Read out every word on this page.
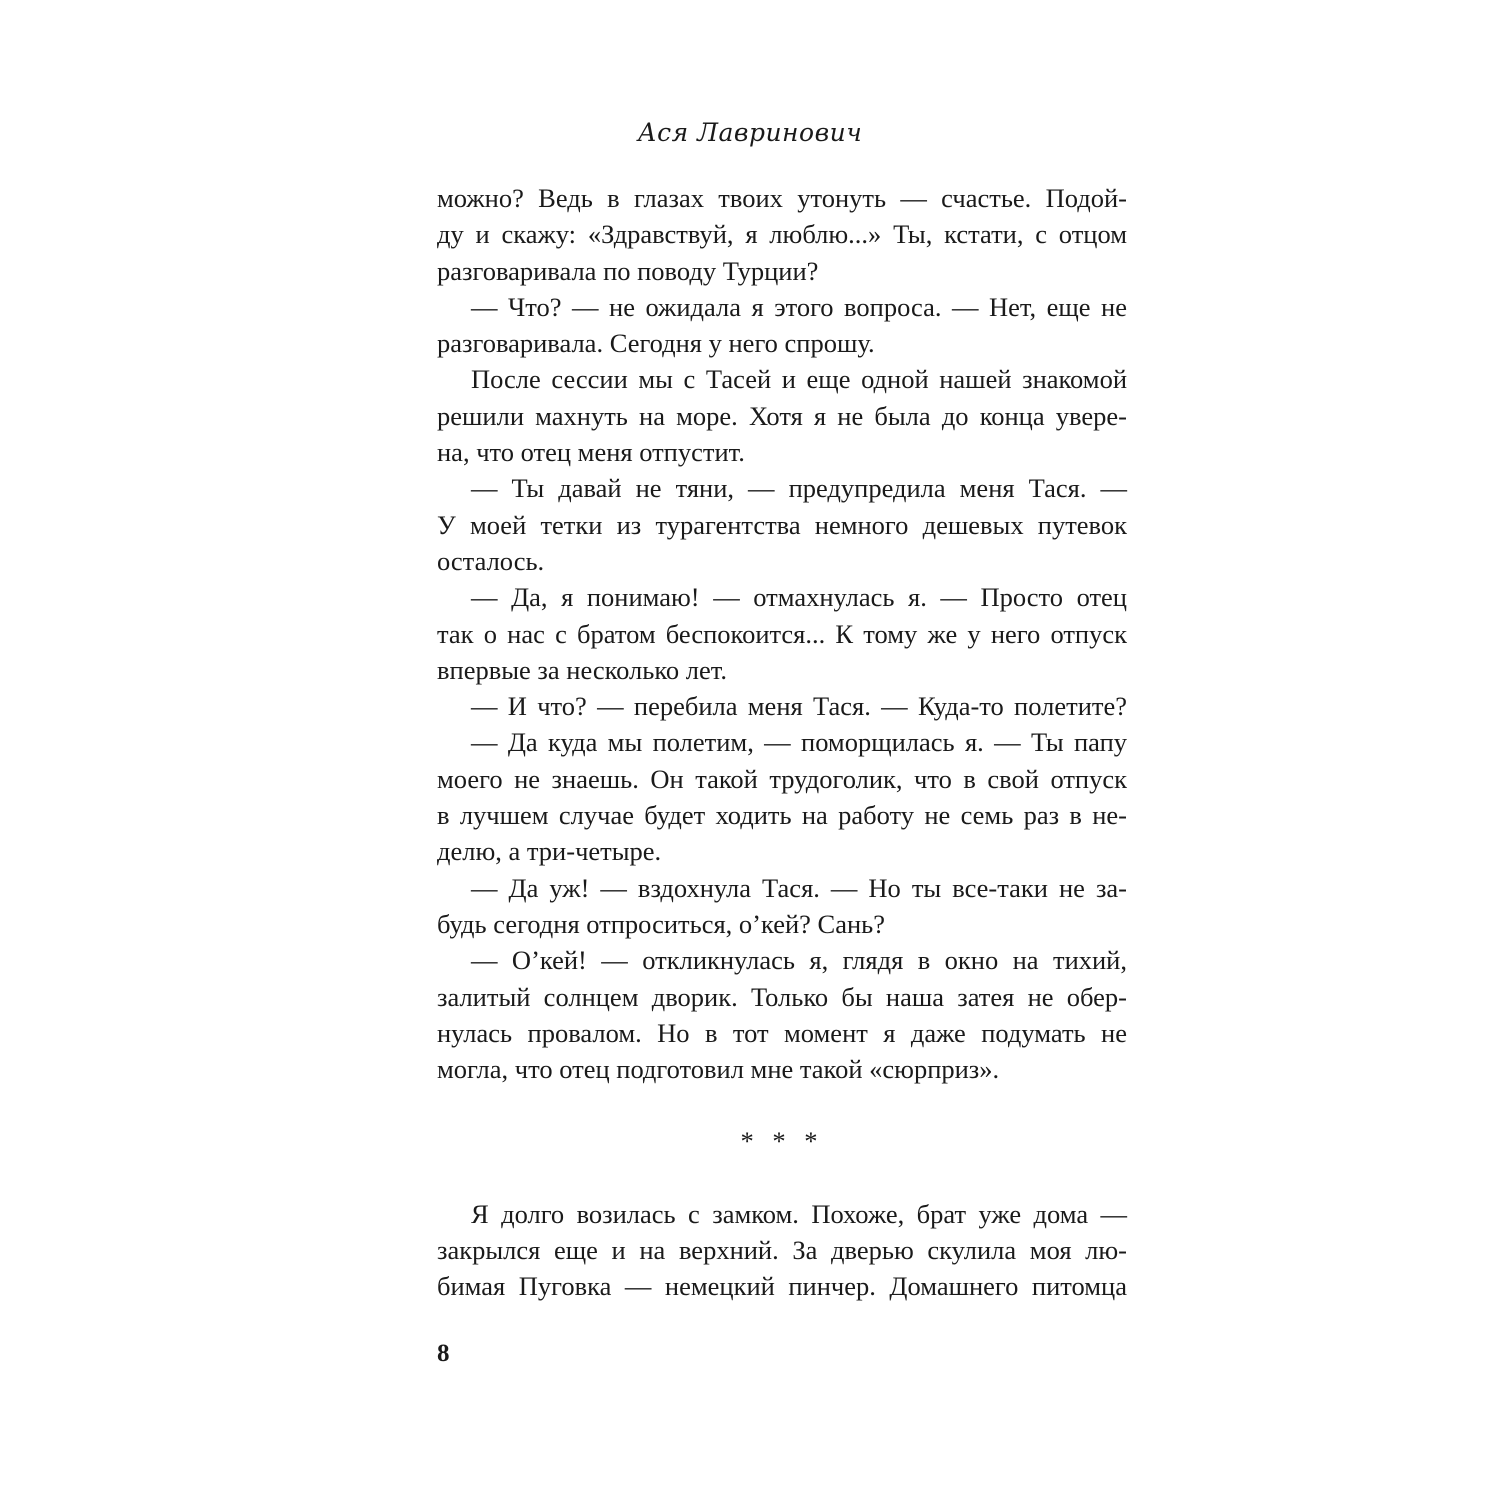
Ася Лавринович
можно? Ведь в глазах твоих утонуть — счастье. Подой-
ду и скажу: «Здравствуй, я люблю...» Ты, кстати, с отцом
разговаривала по поводу Турции?
— Что? — не ожидала я этого вопроса. — Нет, еще не
разговаривала. Сегодня у него спрошу.
После сессии мы с Тасей и еще одной нашей знакомой
решили махнуть на море. Хотя я не была до конца увере-
на, что отец меня отпустит.
— Ты давай не тяни, — предупредила меня Тася. —
У моей тетки из турагентства немного дешевых путевок
осталось.
— Да, я понимаю! — отмахнулась я. — Просто отец
так о нас с братом беспокоится... К тому же у него отпуск
впервые за несколько лет.
— И что? — перебила меня Тася. — Куда-то полетите?
— Да куда мы полетим, — поморщилась я. — Ты папу
моего не знаешь. Он такой трудоголик, что в свой отпуск
в лучшем случае будет ходить на работу не семь раз в не-
делю, а три-четыре.
— Да уж! — вздохнула Тася. — Но ты все-таки не за-
будь сегодня отпроситься, о’кей? Сань?
— О’кей! — откликнулась я, глядя в окно на тихий,
залитый солнцем дворик. Только бы наша затея не обер-
нулась провалом. Но в тот момент я даже подумать не
могла, что отец подготовил мне такой «сюрприз».
* * *
Я долго возилась с замком. Похоже, брат уже дома —
закрылся еще и на верхний. За дверью скулила моя лю-
бимая Пуговка — немецкий пинчер. Домашнего питомца
8
